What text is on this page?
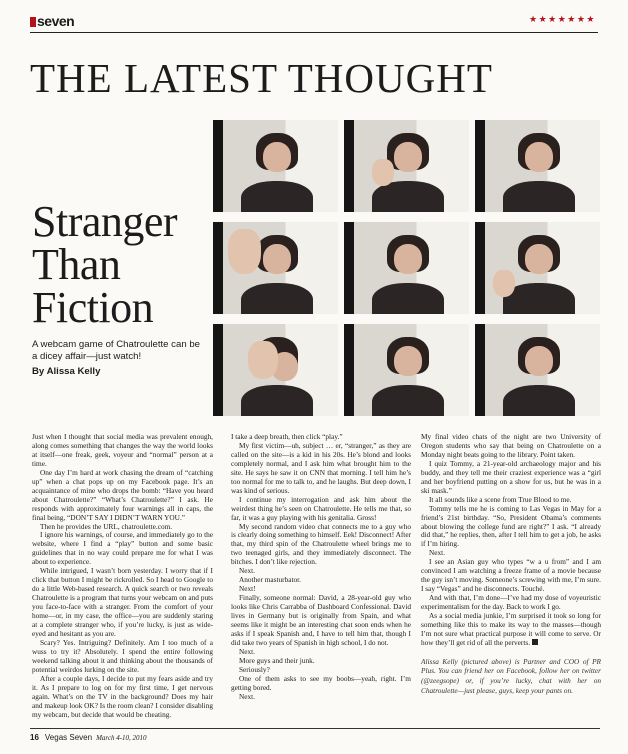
seven	★★★★★★★
THE LATEST THOUGHT
Stranger
Than
Fiction
A webcam game of Chatroulette can be a dicey affair—just watch!
By Alissa Kelly

Just when I thought that social media was prevalent enough, along comes something that changes the way the world looks at itself—one freak, geek, voyeur and “normal” person at a time.

One day I’m hard at work chasing the dream of “catching up” when a chat pops up on my Facebook page. It’s an acquaintance of mine who drops the bomb: “Have you heard about Chatroulette?” “What’s Chatroulette?” I ask. He responds with approximately four warnings all in caps, the final being, “DON’T SAY I DIDN’T WARN YOU.”

Then he provides the URL, chatroulette.com.

I ignore his warnings, of course, and immediately go to the website, where I find a “play” button and some basic guidelines that in no way could prepare me for what I was about to experience.

While intrigued, I wasn’t born yesterday. I worry that if I click that button I might be rickrolled. So I head to Google to do a little Web-based research. A quick search or two reveals Chatroulette is a program that turns your webcam on and puts you face-to-face with a stranger. From the comfort of your home—or, in my case, the office—you are suddenly staring at a complete stranger who, if you’re lucky, is just as wide-eyed and hesitant as you are.

Scary? Yes. Intriguing? Definitely. Am I too much of a wuss to try it? Absolutely. I spend the entire following weekend talking about it and thinking about the thousands of potential weirdos lurking on the site.

After a couple days, I decide to put my fears aside and try it. As I prepare to log on for my first time, I get nervous again. What’s on the TV in the background? Does my hair and makeup look OK? Is the room clean? I consider disabling my webcam, but decide that would be cheating.

I take a deep breath, then click “play.”

My first victim—uh, subject … er, “stranger,” as they are called on the site—is a kid in his 20s. He’s blond and looks completely normal, and I ask him what brought him to the site. He says he saw it on CNN that morning. I tell him he’s too normal for me to talk to, and he laughs. But deep down, I was kind of serious.

I continue my interrogation and ask him about the weirdest thing he’s seen on Chatroulette. He tells me that, so far, it was a guy playing with his genitalia. Gross!

My second random video chat connects me to a guy who is clearly doing something to himself. Eek! Disconnect! After that, my third spin of the Chatroulette wheel brings me to two teenaged girls, and they immediately disconnect. The bitches. I don’t like rejection.

Next.

Another masturbator.

Next!

Finally, someone normal: David, a 28-year-old guy who looks like Chris Carrabba of Dashboard Confessional. David lives in Germany but is originally from Spain, and what seems like it might be an interesting chat soon ends when he asks if I speak Spanish and, I have to tell him that, though I did take two years of Spanish in high school, I do not.

Next.

More guys and their junk.

Seriously?

One of them asks to see my boobs—yeah, right. I’m getting bored.

Next.

My final video chats of the night are two University of Oregon students who say that being on Chatroulette on a Monday night beats going to the library. Point taken.

I quiz Tommy, a 21-year-old archaeology major and his buddy, and they tell me their craziest experience was a “girl and her boyfriend putting on a show for us, but he was in a ski mask.”

It all sounds like a scene from True Blood to me.

Tommy tells me he is coming to Las Vegas in May for a friend’s 21st birthday. “So, President Obama’s comments about blowing the college fund are right?” I ask. “I already did that,” he replies, then, after I tell him to get a job, he asks if I’m hiring.

Next.

I see an Asian guy who types “w a u from” and I am convinced I am watching a freeze frame of a movie because the guy isn’t moving. Someone’s screwing with me, I’m sure. I say “Vegas” and he disconnects. Touché.

And with that, I’m done—I’ve had my dose of voyeuristic experimentalism for the day. Back to work I go.

As a social media junkie, I’m surprised it took so long for something like this to make its way to the masses—though I’m not sure what practical purpose it will come to serve. Or how they’ll get rid of all the perverts.

Alissa Kelly (pictured above) is Partner and COO of PR Plus. You can friend her on Facebook, follow her on twitter (@zeegsope) or, if you’re lucky, chat with her on Chatroulette—just please, guys, keep your pants on.

16 Vegas Seven March 4-10, 2010
